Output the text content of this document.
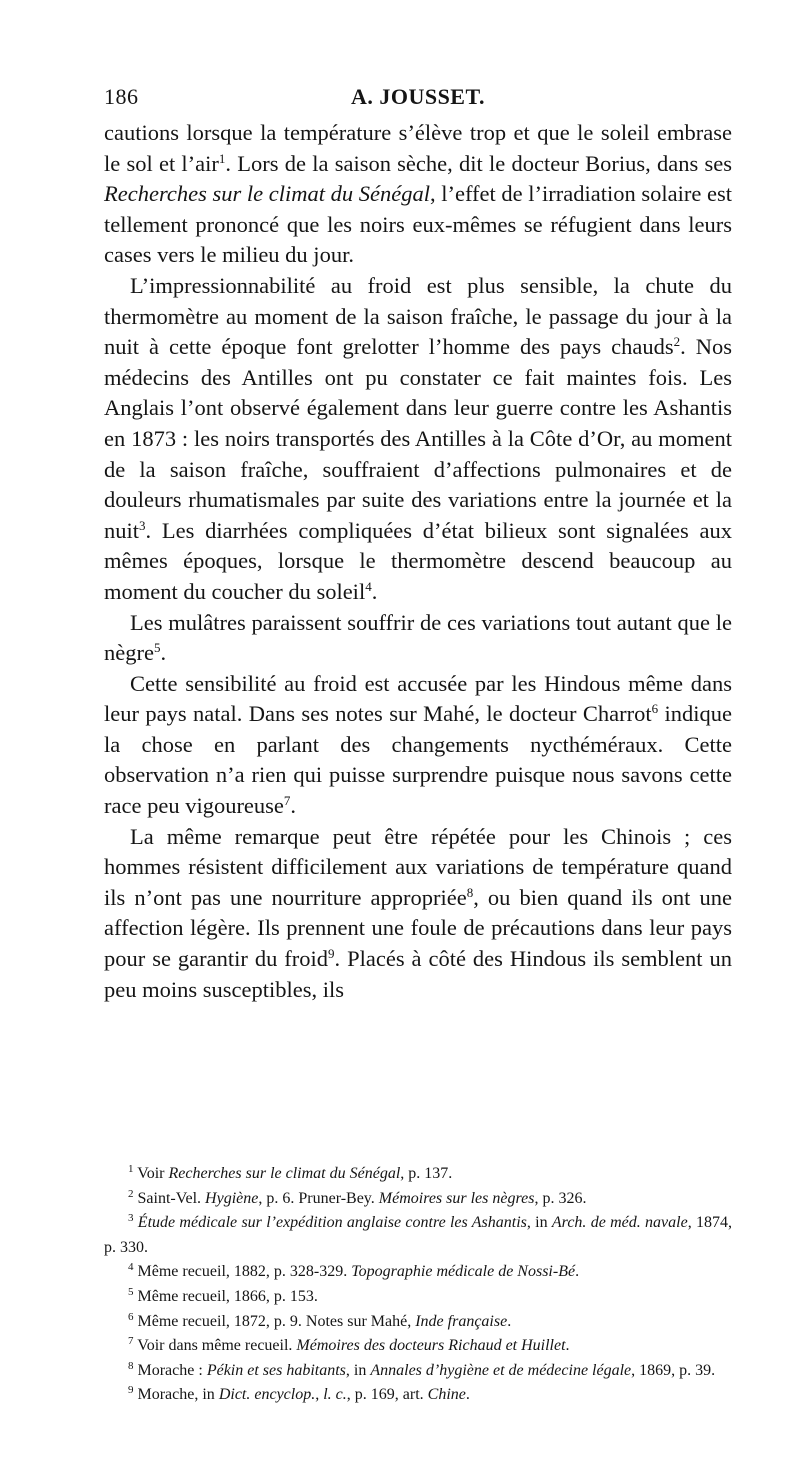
186	A. JOUSSET.

cautions lorsque la température s’élève trop et que le soleil embrase le sol et l’air$^1$. Lors de la saison sèche, dit le docteur Borius, dans ses Recherches sur le climat du Sénégal, l’effet de l’irradiation solaire est tellement prononcé que les noirs eux-mêmes se réfugient dans leurs cases vers le milieu du jour.

L’impressionnabilité au froid est plus sensible, la chute du thermomètre au moment de la saison fraîche, le passage du jour à la nuit à cette époque font grelotter l’homme des pays chauds$^2$. Nos médecins des Antilles ont pu constater ce fait maintes fois. Les Anglais l’ont observé également dans leur guerre contre les Ashantis en 1873 : les noirs transportés des Antilles à la Côte d’Or, au moment de la saison fraîche, souffraient d’affections pulmonaires et de douleurs rhumatismales par suite des variations entre la journée et la nuit$^3$. Les diarrhées compliquées d’état bilieux sont signalées aux mêmes époques, lorsque le thermomètre descend beaucoup au moment du coucher du soleil$^4$.

Les mulâtres paraissent souffrir de ces variations tout autant que le nègre$^5$.

Cette sensibilité au froid est accusée par les Hindous même dans leur pays natal. Dans ses notes sur Mahé, le docteur Charrot$^6$ indique la chose en parlant des changements nycthéméraux. Cette observation n’a rien qui puisse surprendre puisque nous savons cette race peu vigoureuse$^7$.

La même remarque peut être répétée pour les Chinois ; ces hommes résistent difficilement aux variations de température quand ils n’ont pas une nourriture appropriée$^8$, ou bien quand ils ont une affection légère. Ils prennent une foule de précautions dans leur pays pour se garantir du froid$^9$. Placés à côté des Hindous ils semblent un peu moins susceptibles, ils

$^1$ Voir Recherches sur le climat du Sénégal, p. 137.
$^2$ Saint-Vel. Hygiène, p. 6. Pruner-Bey. Mémoires sur les nègres, p. 326.
$^3$ Étude médicale sur l’expédition anglaise contre les Ashantis, in Arch. de méd. navale, 1874, p. 330.
$^4$ Même recueil, 1882, p. 328-329. Topographie médicale de Nossi-Bé.
$^5$ Même recueil, 1866, p. 153.
$^6$ Même recueil, 1872, p. 9. Notes sur Mahé, Inde française.
$^7$ Voir dans même recueil. Mémoires des docteurs Richaud et Huillet.
$^8$ Morache : Pékin et ses habitants, in Annales d’hygiène et de médecine légale, 1869, p. 39.
$^9$ Morache, in Dict. encyclop., l. c., p. 169, art. Chine.
